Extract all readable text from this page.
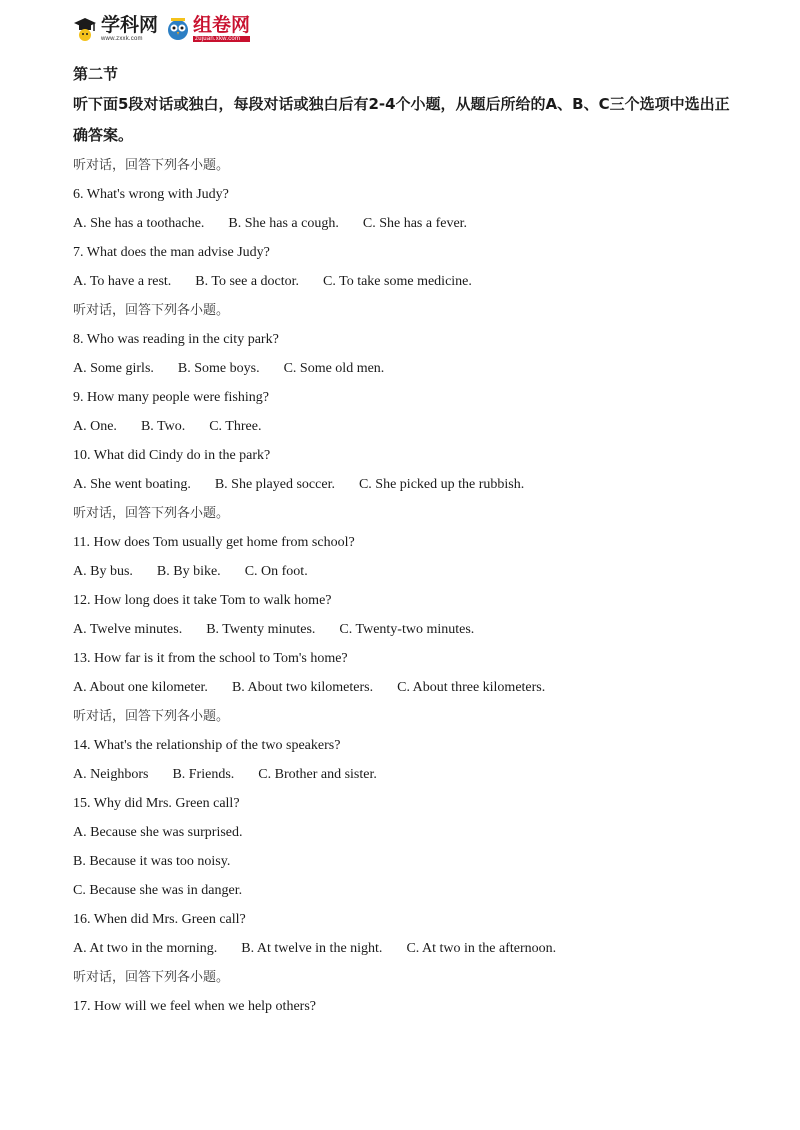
学科网
www.zxxk.com
组卷网
zujuan.xkw.com
第二节

听下面5段对话或独白，每段对话或独白后有2-4个小题，从题后所给的A、B、C三个选项中选出正确答案。

听对话，回答下列各小题。
6. What's wrong with Judy?
A. She has a toothache. B. She has a cough. C. She has a fever.
7. What does the man advise Judy?
A. To have a rest. B. To see a doctor. C. To take some medicine.
听对话，回答下列各小题。
8. Who was reading in the city park?
A. Some girls. B. Some boys. C. Some old men.
9. How many people were fishing?
A. One. B. Two. C. Three.
10. What did Cindy do in the park?
A. She went boating. B. She played soccer. C. She picked up the rubbish.
听对话，回答下列各小题。
11. How does Tom usually get home from school?
A. By bus. B. By bike. C. On foot.
12. How long does it take Tom to walk home?
A. Twelve minutes. B. Twenty minutes. C. Twenty-two minutes.
13. How far is it from the school to Tom's home?
A. About one kilometer. B. About two kilometers. C. About three kilometers.
听对话，回答下列各小题。
14. What's the relationship of the two speakers?
A. Neighbors B. Friends. C. Brother and sister.
15. Why did Mrs. Green call?
A. Because she was surprised.
B. Because it was too noisy.
C. Because she was in danger.
16. When did Mrs. Green call?
A. At two in the morning. B. At twelve in the night. C. At two in the afternoon.
听对话，回答下列各小题。
17. How will we feel when we help others?
